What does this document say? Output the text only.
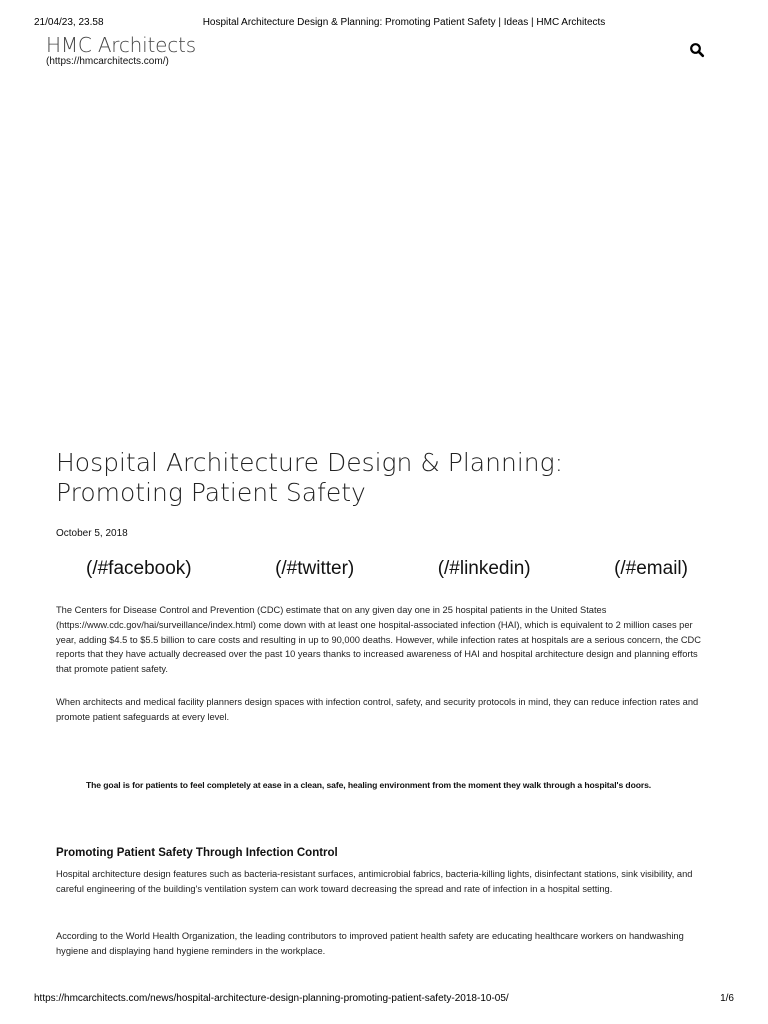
21/04/23, 23.58	Hospital Architecture Design & Planning: Promoting Patient Safety | Ideas | HMC Architects
HMC Architects
(https://hmcarchitects.com/)
Hospital Architecture Design & Planning:
Promoting Patient Safety
October 5, 2018
(/#facebook)	(/#twitter)	(/#linkedin)	(/#email)

The Centers for Disease Control and Prevention (CDC) estimate that on any given day one in 25 hospital patients in the United States (https://www.cdc.gov/hai/surveillance/index.html) come down with at least one hospital-associated infection (HAI), which is equivalent to 2 million cases per year, adding $4.5 to $5.5 billion to care costs and resulting in up to 90,000 deaths. However, while infection rates at hospitals are a serious concern, the CDC reports that they have actually decreased over the past 10 years thanks to increased awareness of HAI and hospital architecture design and planning efforts that promote patient safety.

When architects and medical facility planners design spaces with infection control, safety, and security protocols in mind, they can reduce infection rates and promote patient safeguards at every level.

The goal is for patients to feel completely at ease in a clean, safe, healing environment from the moment they walk through a hospital's doors.
Promoting Patient Safety Through Infection Control

Hospital architecture design features such as bacteria-resistant surfaces, antimicrobial fabrics, bacteria-killing lights, disinfectant stations, sink visibility, and careful engineering of the building's ventilation system can work toward decreasing the spread and rate of infection in a hospital setting.

According to the World Health Organization, the leading contributors to improved patient health safety are educating healthcare workers on handwashing hygiene and displaying hand hygiene reminders in the workplace.

https://hmcarchitects.com/news/hospital-architecture-design-planning-promoting-patient-safety-2018-10-05/	1/6
